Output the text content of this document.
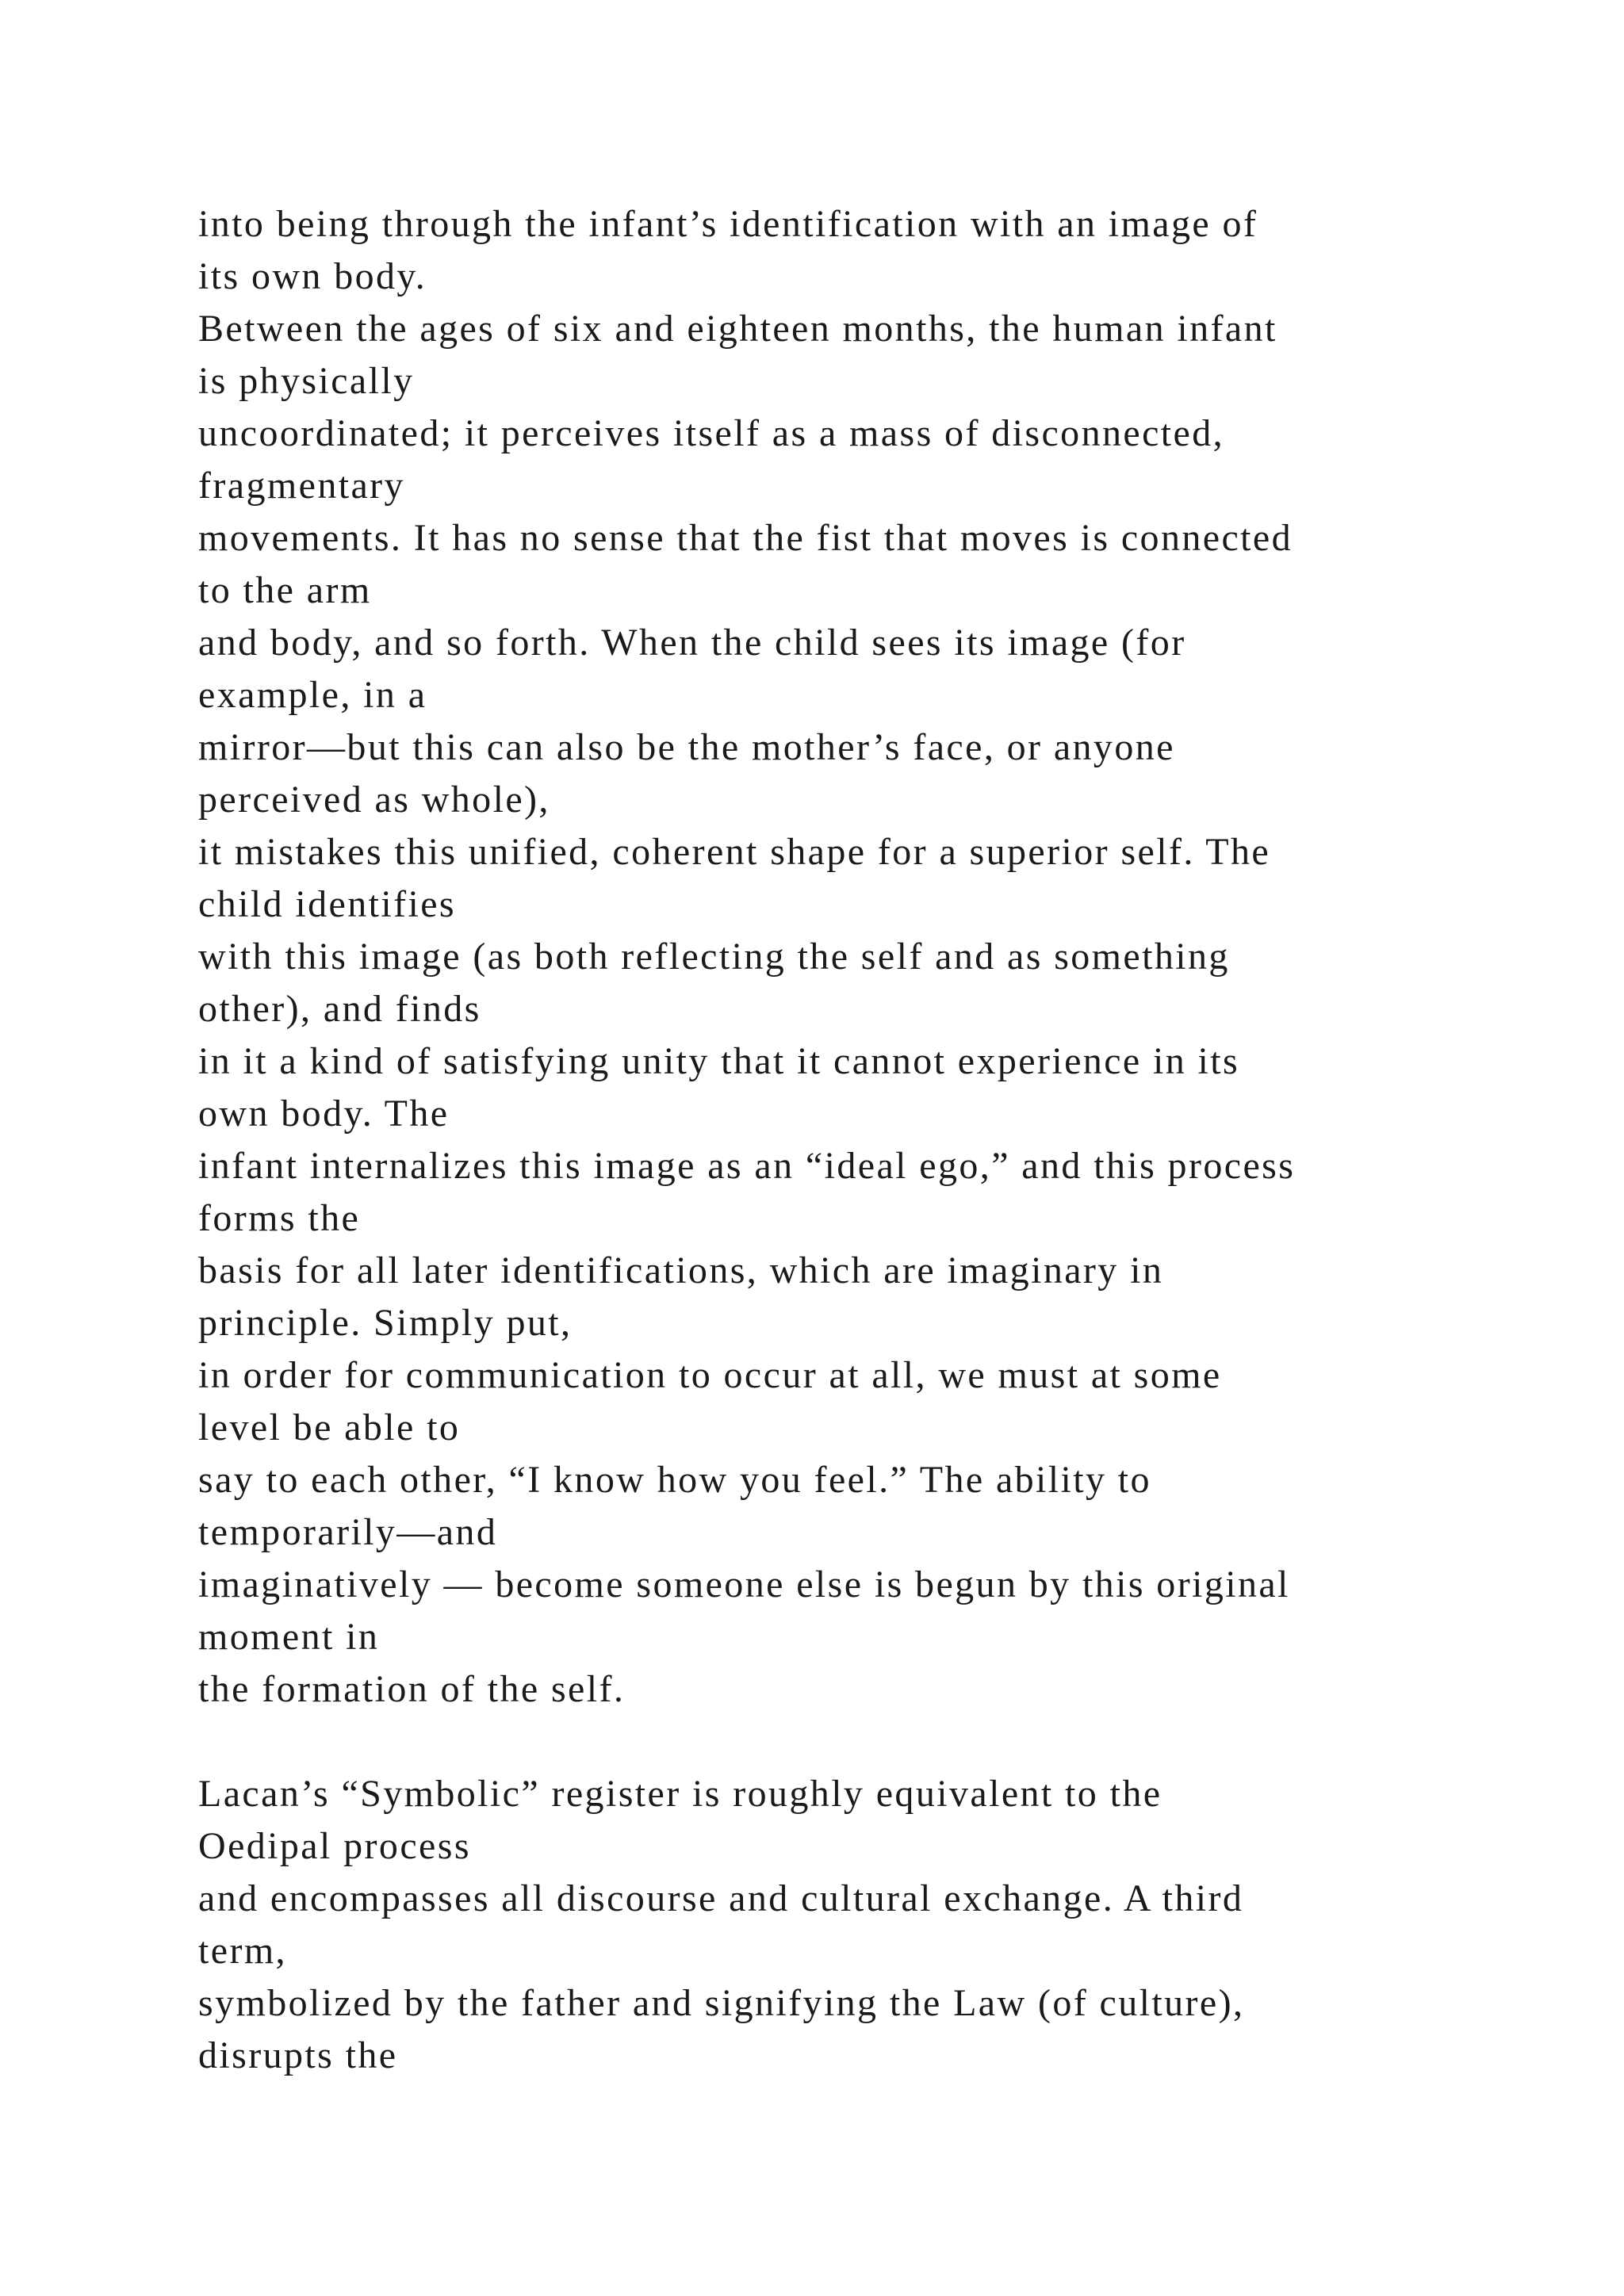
into being through the infant’s identification with an image of
its own body.
Between the ages of six and eighteen months, the human infant
is physically
uncoordinated; it perceives itself as a mass of disconnected,
fragmentary
movements. It has no sense that the fist that moves is connected
to the arm
and body, and so forth. When the child sees its image (for
example, in a
mirror—but this can also be the mother’s face, or anyone
perceived as whole),
it mistakes this unified, coherent shape for a superior self. The
child identifies
with this image (as both reflecting the self and as something
other), and finds
in it a kind of satisfying unity that it cannot experience in its
own body. The
infant internalizes this image as an “ideal ego,” and this process
forms the
basis for all later identifications, which are imaginary in
principle. Simply put,
in order for communication to occur at all, we must at some
level be able to
say to each other, “I know how you feel.” The ability to
temporarily—and
imaginatively — become someone else is begun by this original
moment in
the formation of the self.
Lacan’s “Symbolic” register is roughly equivalent to the
Oedipal process
and encompasses all discourse and cultural exchange. A third
term,
symbolized by the father and signifying the Law (of culture),
disrupts the
